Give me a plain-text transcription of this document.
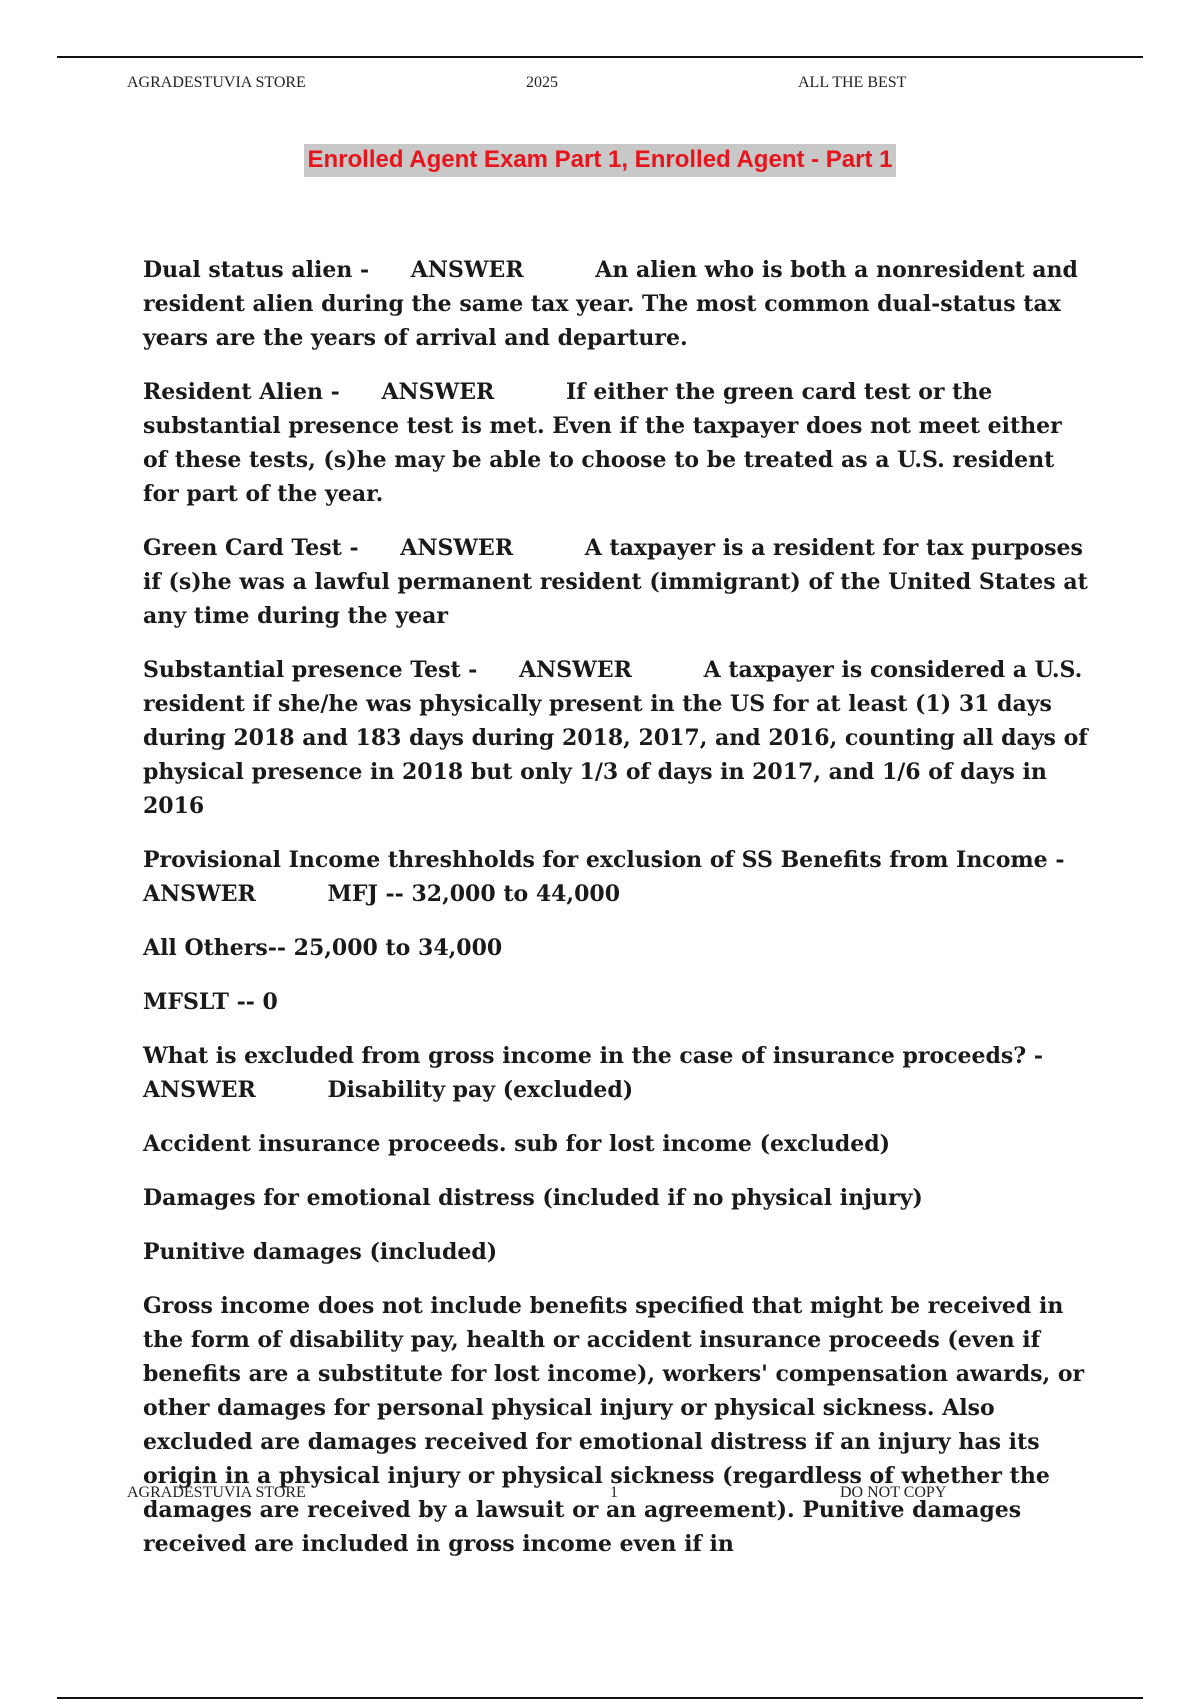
AGRADESTUVIA STORE	2025	ALL THE BEST
Enrolled Agent Exam Part 1, Enrolled Agent - Part 1

Dual status alien - ANSWER	An alien who is both a nonresident and resident alien during the same tax year. The most common dual-status tax years are the years of arrival and departure.

Resident Alien - ANSWER	If either the green card test or the substantial presence test is met. Even if the taxpayer does not meet either of these tests, (s)he may be able to choose to be treated as a U.S. resident for part of the year.

Green Card Test - ANSWER	A taxpayer is a resident for tax purposes if (s)he was a lawful permanent resident (immigrant) of the United States at any time during the year

Substantial presence Test - ANSWER	A taxpayer is considered a U.S. resident if she/he was physically present in the US for at least (1) 31 days during 2018 and 183 days during 2018, 2017, and 2016, counting all days of physical presence in 2018 but only 1/3 of days in 2017, and 1/6 of days in 2016

Provisional Income threshholds for exclusion of SS Benefits from Income -
ANSWER	MFJ -- 32,000 to 44,000

All Others-- 25,000 to 34,000

MFSLT -- 0

What is excluded from gross income in the case of insurance proceeds? -
ANSWER	Disability pay (excluded)

Accident insurance proceeds. sub for lost income (excluded)

Damages for emotional distress (included if no physical injury)

Punitive damages (included)

Gross income does not include benefits specified that might be received in the form of disability pay, health or accident insurance proceeds (even if benefits are a substitute for lost income), workers' compensation awards, or other damages for personal physical injury or physical sickness. Also excluded are damages received for emotional distress if an injury has its origin in a physical injury or physical sickness (regardless of whether the damages are received by a lawsuit or an agreement). Punitive damages received are included in gross income even if in

AGRADESTUVIA STORE	1	DO NOT COPY
